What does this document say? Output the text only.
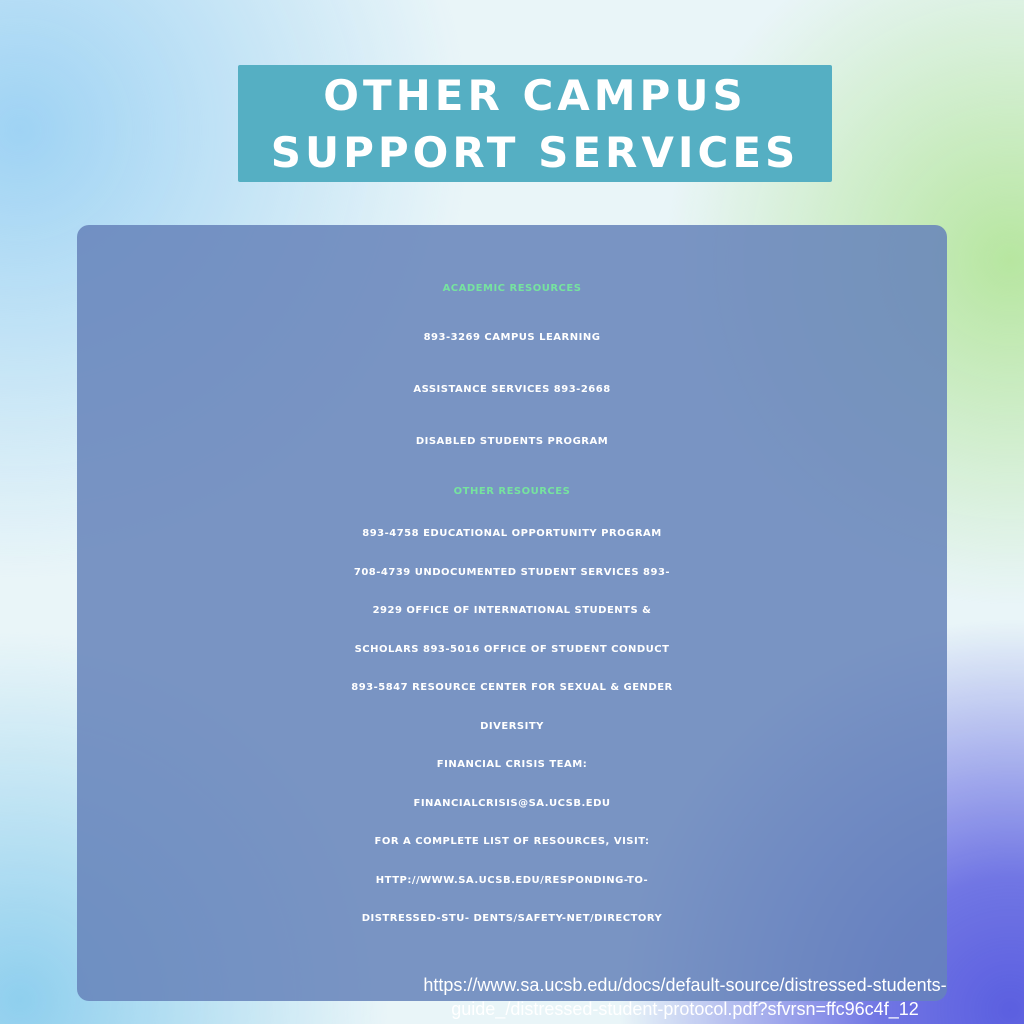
OTHER CAMPUS
SUPPORT SERVICES
ACADEMIC RESOURCES
893-3269 CAMPUS LEARNING
ASSISTANCE SERVICES 893-2668
DISABLED STUDENTS PROGRAM
OTHER RESOURCES
893-4758 EDUCATIONAL OPPORTUNITY PROGRAM
708-4739 UNDOCUMENTED STUDENT SERVICES 893-
2929 OFFICE OF INTERNATIONAL STUDENTS &
SCHOLARS 893-5016 OFFICE OF STUDENT CONDUCT
893-5847 RESOURCE CENTER FOR SEXUAL & GENDER
DIVERSITY
FINANCIAL CRISIS TEAM:
FINANCIALCRISIS@SA.UCSB.EDU
FOR A COMPLETE LIST OF RESOURCES, VISIT:
HTTP://WWW.SA.UCSB.EDU/RESPONDING-TO-
DISTRESSED-STU- DENTS/SAFETY-NET/DIRECTORY
https://www.sa.ucsb.edu/docs/default-source/distressed-students-
guide_/distressed-student-protocol.pdf?sfvrsn=ffc96c4f_12
